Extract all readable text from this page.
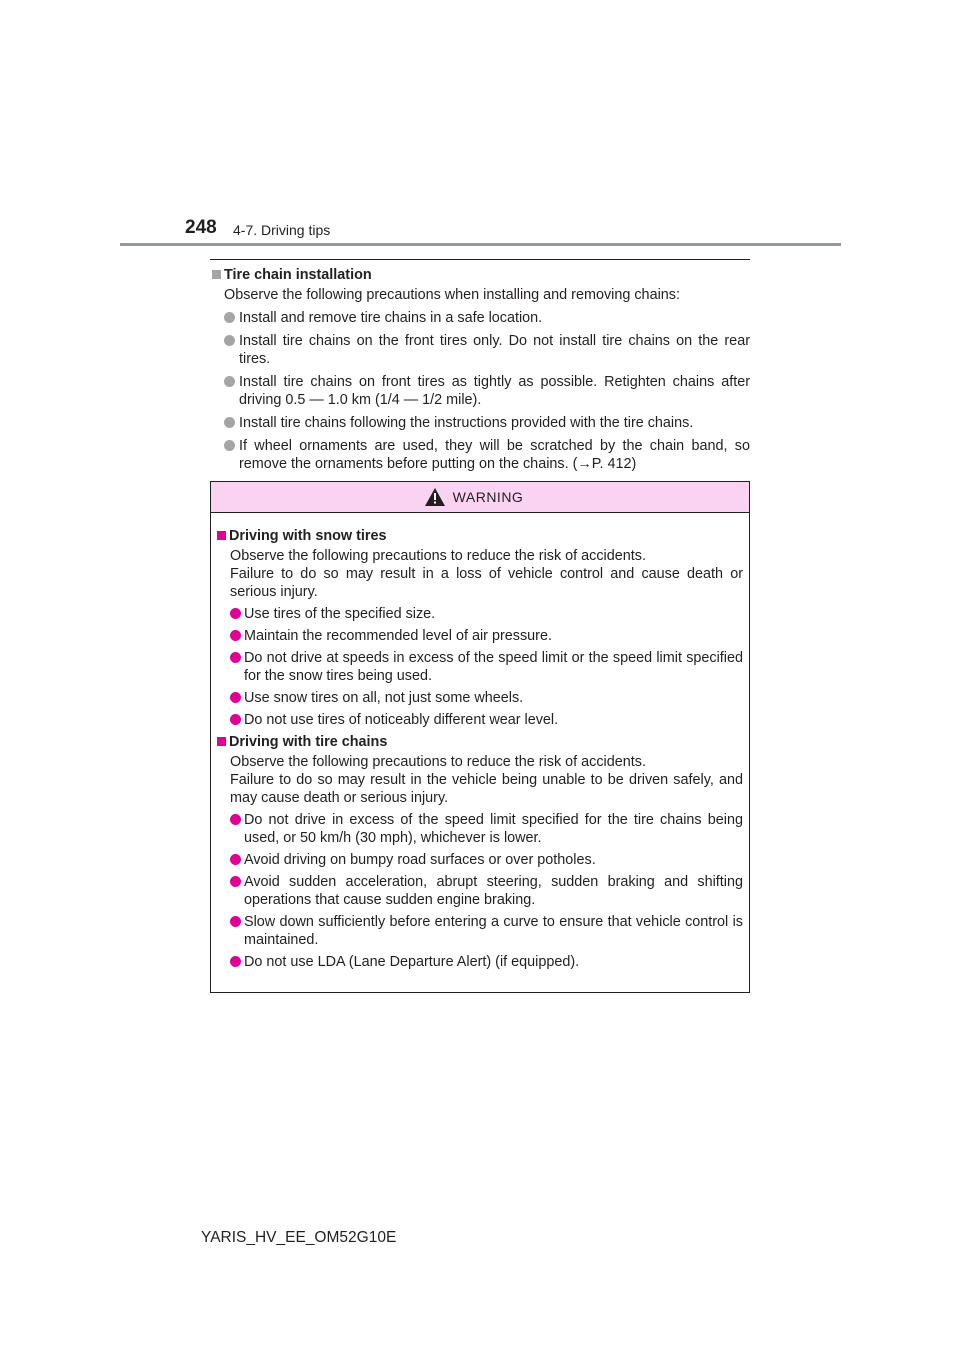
248 4-7. Driving tips
Tire chain installation
Observe the following precautions when installing and removing chains:
Install and remove tire chains in a safe location.
Install tire chains on the front tires only. Do not install tire chains on the rear tires.
Install tire chains on front tires as tightly as possible. Retighten chains after driving 0.5 — 1.0 km (1/4 — 1/2 mile).
Install tire chains following the instructions provided with the tire chains.
If wheel ornaments are used, they will be scratched by the chain band, so remove the ornaments before putting on the chains. (→P. 412)
WARNING
Driving with snow tires
Observe the following precautions to reduce the risk of accidents.
Failure to do so may result in a loss of vehicle control and cause death or serious injury.
Use tires of the specified size.
Maintain the recommended level of air pressure.
Do not drive at speeds in excess of the speed limit or the speed limit specified for the snow tires being used.
Use snow tires on all, not just some wheels.
Do not use tires of noticeably different wear level.
Driving with tire chains
Observe the following precautions to reduce the risk of accidents.
Failure to do so may result in the vehicle being unable to be driven safely, and may cause death or serious injury.
Do not drive in excess of the speed limit specified for the tire chains being used, or 50 km/h (30 mph), whichever is lower.
Avoid driving on bumpy road surfaces or over potholes.
Avoid sudden acceleration, abrupt steering, sudden braking and shifting operations that cause sudden engine braking.
Slow down sufficiently before entering a curve to ensure that vehicle control is maintained.
Do not use LDA (Lane Departure Alert) (if equipped).
YARIS_HV_EE_OM52G10E
